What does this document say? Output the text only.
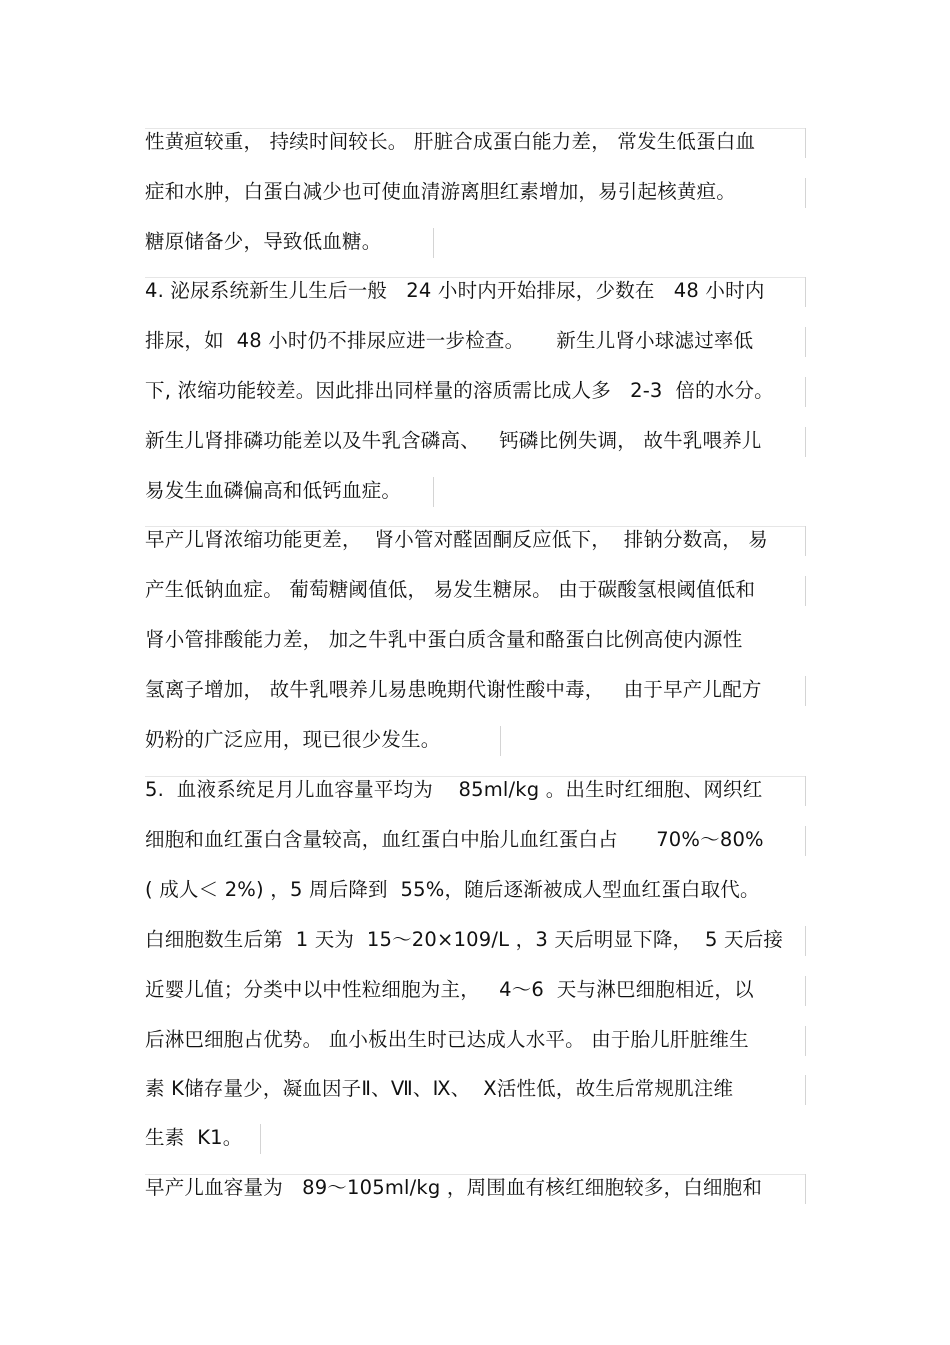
性黄疸较重， 持续时间较长。 肝脏合成蛋白能力差， 常发生低蛋白血
症和水肿，白蛋白减少也可使血清游离胆红素增加，易引起核黄疸。
糖原储备少，导致低血糖。
4. 泌尿系统新生儿生后一般   24 小时内开始排尿，少数在   48 小时内
排尿，如  48 小时仍不排尿应进一步检查。     新生儿肾小球滤过率低
下, 浓缩功能较差。因此排出同样量的溶质需比成人多   2-3  倍的水分。
新生儿肾排磷功能差以及牛乳含磷高、   钙磷比例失调， 故牛乳喂养儿
易发生血磷偏高和低钙血症。
早产儿肾浓缩功能更差，  肾小管对醛固酮反应低下，  排钠分数高， 易
产生低钠血症。 葡萄糖阈值低， 易发生糖尿。 由于碳酸氢根阈值低和
肾小管排酸能力差， 加之牛乳中蛋白质含量和酪蛋白比例高使内源性
氢离子增加， 故牛乳喂养儿易患晚期代谢性酸中毒，   由于早产儿配方
奶粉的广泛应用，现已很少发生。
5.  血液系统足月儿血容量平均为    85ml/kg 。出生时红细胞、网织红
细胞和血红蛋白含量较高，血红蛋白中胎儿血红蛋白占      70%～80%
( 成人＜ 2%) ，5 周后降到  55%，随后逐渐被成人型血红蛋白取代。
白细胞数生后第  1 天为  15～20×109/L ，3 天后明显下降，  5 天后接
近婴儿值；分类中以中性粒细胞为主，   4～6  天与淋巴细胞相近，以
后淋巴细胞占优势。 血小板出生时已达成人水平。 由于胎儿肝脏维生
素 K储存量少，凝血因子Ⅱ、Ⅶ、Ⅸ、  X活性低，故生后常规肌注维
生素  K1。
早产儿血容量为   89～105ml/kg ，周围血有核红细胞较多，白细胞和
